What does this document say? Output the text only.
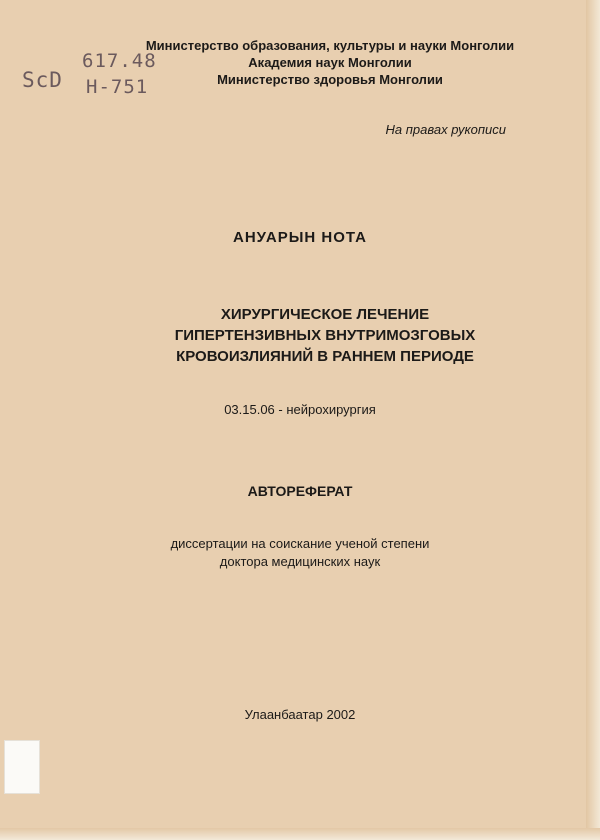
Министерство образования, культуры и науки Монголии
Академия наук Монголии
Министерство здоровья Монголии
617.48
ScD H-751
На правах рукописи
АНУАРЫН НОТА
ХИРУРГИЧЕСКОЕ ЛЕЧЕНИЕ
ГИПЕРТЕНЗИВНЫХ ВНУТРИМОЗГОВЫХ
КРОВОИЗЛИЯНИЙ В РАННЕМ ПЕРИОДЕ
03.15.06 - нейрохирургия
АВТОРЕФЕРАТ
диссертации на соискание ученой степени
доктора медицинских наук
Улаанбаатар 2002
